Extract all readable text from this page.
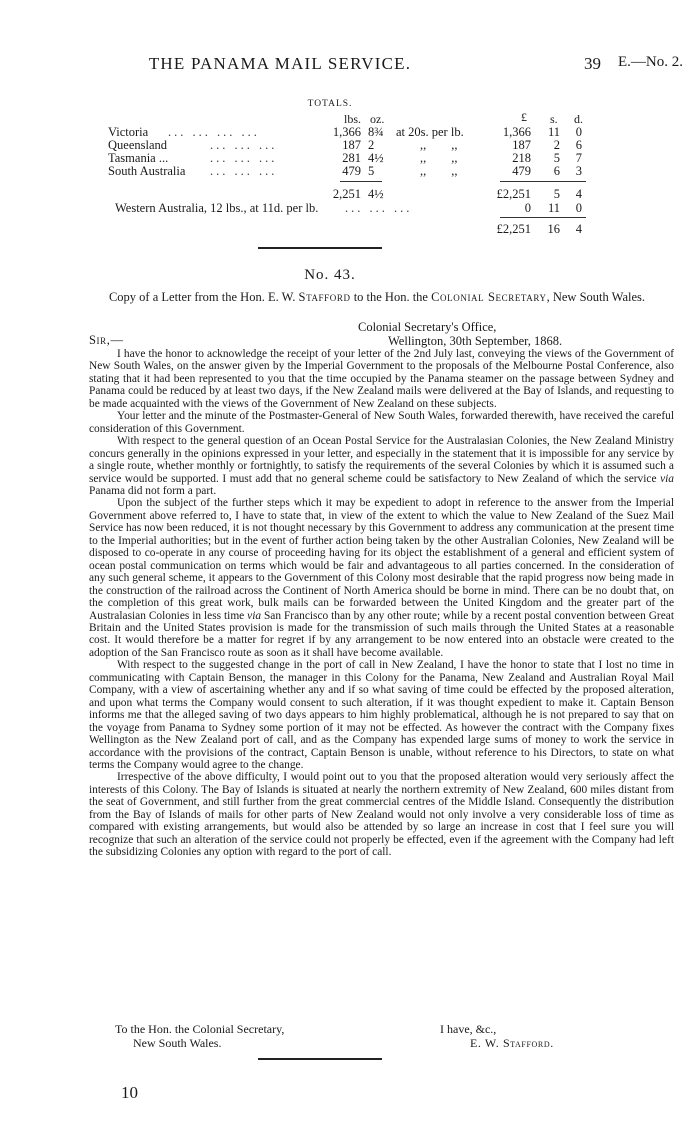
THE PANAMA MAIL SERVICE.	39 E.—No. 2.
TOTALS.
lbs. oz.	£ s. d.
Victoria ... ... ... ...	1,366 8¾ at 20s. per lb.	1,366	11	0
Queensland	... ... ...	187 2	,,        ,,	187	2	6
Tasmania ...	... ... ...	281 4½	,,        ,,	218	5	7
South Australia ... ... ...	479 5	,,        ,,	479	6	3
2,251 4½	£2,251	5	4
Western Australia, 12 lbs., at 11d. per lb. ... ... ...	0	11	0
£2,251	16	4
No. 43.
Copy of a Letter from the Hon. E. W. Stafford to the Hon. the Colonial Secretary, New South Wales.
Colonial Secretary's Office,
Sir,—	Wellington, 30th September, 1868.

I have the honor to acknowledge the receipt of your letter of the 2nd July last, conveying the views of the Government of New South Wales, on the answer given by the Imperial Government to the proposals of the Melbourne Postal Conference, also stating that it had been represented to you that the time occupied by the Panama steamer on the passage between Sydney and Panama could be reduced by at least two days, if the New Zealand mails were delivered at the Bay of Islands, and requesting to be made acquainted with the views of the Government of New Zealand on these subjects.

Your letter and the minute of the Postmaster-General of New South Wales, forwarded therewith, have received the careful consideration of this Government.

With respect to the general question of an Ocean Postal Service for the Australasian Colonies, the New Zealand Ministry concurs generally in the opinions expressed in your letter, and especially in the statement that it is impossible for any service by a single route, whether monthly or fortnightly, to satisfy the requirements of the several Colonies by which it is assumed such a service would be supported. I must add that no general scheme could be satisfactory to New Zealand of which the service via Panama did not form a part.

Upon the subject of the further steps which it may be expedient to adopt in reference to the answer from the Imperial Government above referred to, I have to state that, in view of the extent to which the value to New Zealand of the Suez Mail Service has now been reduced, it is not thought necessary by this Government to address any communication at the present time to the Imperial authorities; but in the event of further action being taken by the other Australian Colonies, New Zealand will be disposed to co-operate in any course of proceeding having for its object the establishment of a general and efficient system of ocean postal communication on terms which would be fair and advantageous to all parties concerned. In the consideration of any such general scheme, it appears to the Government of this Colony most desirable that the rapid progress now being made in the construction of the railroad across the Continent of North America should be borne in mind. There can be no doubt that, on the completion of this great work, bulk mails can be forwarded between the United Kingdom and the greater part of the Australasian Colonies in less time via San Francisco than by any other route; while by a recent postal convention between Great Britain and the United States provision is made for the transmission of such mails through the United States at a reasonable cost. It would therefore be a matter for regret if by any arrangement to be now entered into an obstacle were created to the adoption of the San Francisco route as soon as it shall have become available.

With respect to the suggested change in the port of call in New Zealand, I have the honor to state that I lost no time in communicating with Captain Benson, the manager in this Colony for the Panama, New Zealand and Australian Royal Mail Company, with a view of ascertaining whether any and if so what saving of time could be effected by the proposed alteration, and upon what terms the Company would consent to such alteration, if it was thought expedient to make it. Captain Benson informs me that the alleged saving of two days appears to him highly problematical, although he is not prepared to say that on the voyage from Panama to Sydney some portion of it may not be effected. As however the contract with the Company fixes Wellington as the New Zealand port of call, and as the Company has expended large sums of money to work the service in accordance with the provisions of the contract, Captain Benson is unable, without reference to his Directors, to state on what terms the Company would agree to the change.

Irrespective of the above difficulty, I would point out to you that the proposed alteration would very seriously affect the interests of this Colony. The Bay of Islands is situated at nearly the northern extremity of New Zealand, 600 miles distant from the seat of Government, and still further from the great commercial centres of the Middle Island. Consequently the distribution from the Bay of Islands of mails for other parts of New Zealand would not only involve a very considerable loss of time as compared with existing arrangements, but would also be attended by so large an increase in cost that I feel sure you will recognize that such an alteration of the service could not properly be effected, even if the agreement with the Company had left the subsidizing Colonies any option with regard to the port of call.

To the Hon. the Colonial Secretary,
New South Wales.
I have, &c.,
E. W. Stafford.
10
